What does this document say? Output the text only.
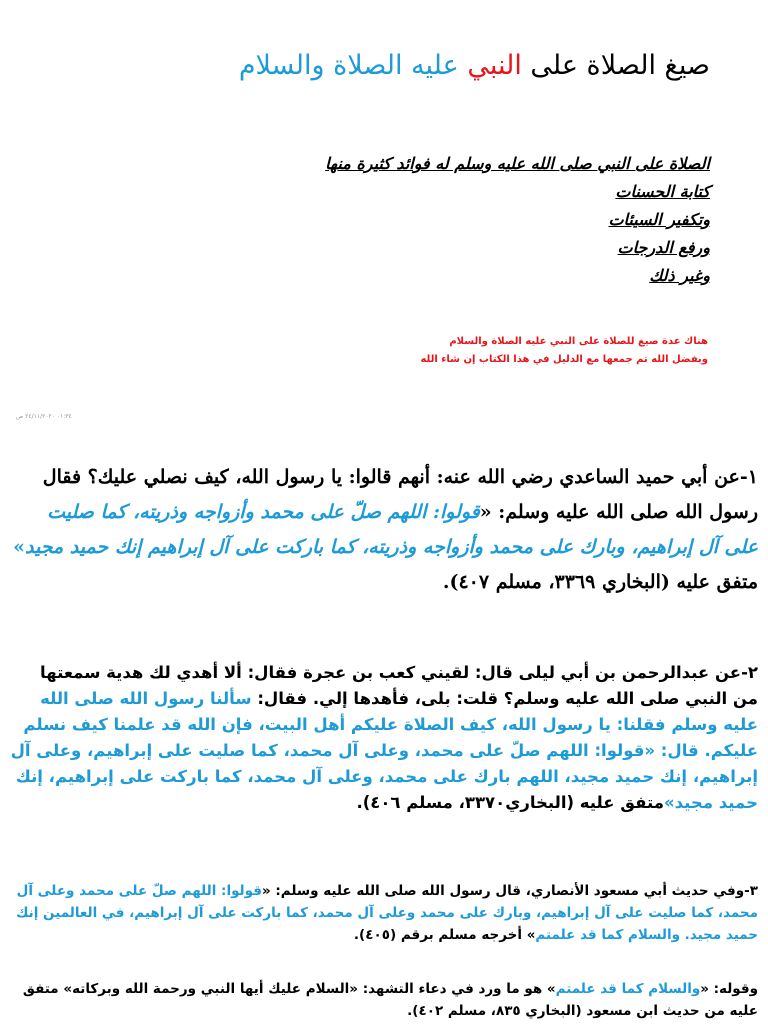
صيغ الصلاة على النبي عليه الصلاة والسلام
الصلاة على النبي صلى الله عليه وسلم له فوائد كثيرة منها
كتابة الحسنات
وتكفير السيئات
ورفع الدرجات
وغير ذلك
هناك عدة صيغ للصلاة على النبي عليه الصلاة والسلام
وبفضل الله تم جمعها مع الدليل في هذا الكتاب إن شاء الله
٠١:٣٤ ٢٤/١١/٢٠٢٠ ص
١-عن أبي حميد الساعدي رضي الله عنه: أنهم قالوا: يا رسول الله، كيف نصلي عليك؟ فقال رسول الله صلى الله عليه وسلم: «قولوا: اللهم صلّ على محمد وأزواجه وذريته، كما صليت على آل إبراهيم، وبارك على محمد وأزواجه وذريته، كما باركت على آل إبراهيم إنك حميد مجيد» متفق عليه (البخاري ٣٣٦٩، مسلم ٤٠٧).
٢-عن عبدالرحمن بن أبي ليلى قال: لقيني كعب بن عجرة فقال: ألا أهدي لك هدية سمعتها من النبي صلى الله عليه وسلم؟ قلت: بلى، فأهدها إلي. فقال: سألنا رسول الله صلى الله عليه وسلم فقلنا: يا رسول الله، كيف الصلاة عليكم أهل البيت، فإن الله قد علمنا كيف نسلم عليكم. قال: «قولوا: اللهم صلّ على محمد، وعلى آل محمد، كما صليت على إبراهيم، وعلى آل إبراهيم، إنك حميد مجيد، اللهم بارك على محمد، وعلى آل محمد، كما باركت على إبراهيم، إنك حميد مجيد»متفق عليه (البخاري٣٣٧٠، مسلم ٤٠٦).
٣-وفي حديث أبي مسعود الأنصاري، قال رسول الله صلى الله عليه وسلم: «قولوا: اللهم صلّ على محمد وعلى آل محمد، كما صليت على آل إبراهيم، وبارك على محمد وعلى آل محمد، كما باركت على آل إبراهيم، في العالمين إنك حميد مجيد. والسلام كما قد علمتم» أخرجه مسلم برقم (٤٠٥).
وقوله: «والسلام كما قد علمتم» هو ما ورد في دعاء التشهد: «السلام عليك أيها النبي ورحمة الله وبركاته» متفق عليه من حديث ابن مسعود (البخاري ٨٣٥، مسلم ٤٠٢).
